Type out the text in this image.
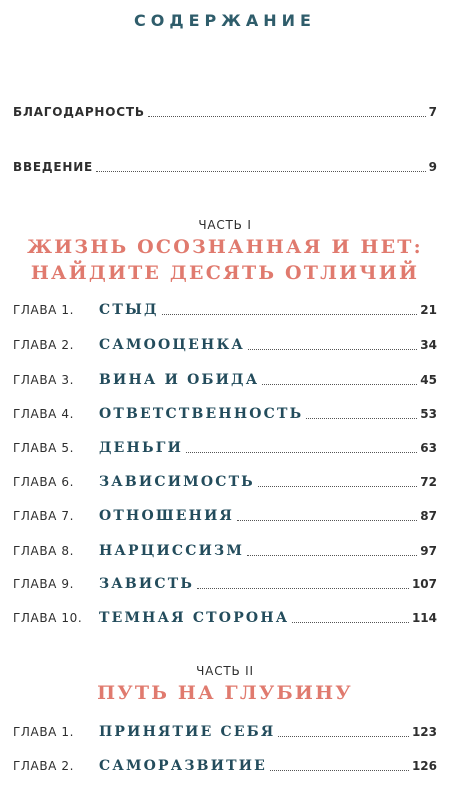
СОДЕРЖАНИЕ
БЛАГОДАРНОСТЬ	7
ВВЕДЕНИЕ	9
ЧАСТЬ I
ЖИЗНЬ ОСОЗНАННАЯ И НЕТ:
НАЙДИТЕ ДЕСЯТЬ ОТЛИЧИЙ
ГЛАВА 1.	СТЫД	21
ГЛАВА 2.	САМООЦЕНКА	34
ГЛАВА 3.	ВИНА И ОБИДА	45
ГЛАВА 4.	ОТВЕТСТВЕННОСТЬ	53
ГЛАВА 5.	ДЕНЬГИ	63
ГЛАВА 6.	ЗАВИСИМОСТЬ	72
ГЛАВА 7.	ОТНОШЕНИЯ	87
ГЛАВА 8.	НАРЦИССИЗМ	97
ГЛАВА 9.	ЗАВИСТЬ	107
ГЛАВА 10.	ТЕМНАЯ СТОРОНА	114
ЧАСТЬ II
ПУТЬ НА ГЛУБИНУ
ГЛАВА 1.	ПРИНЯТИЕ СЕБЯ	123
ГЛАВА 2.	САМОРАЗВИТИЕ	126
